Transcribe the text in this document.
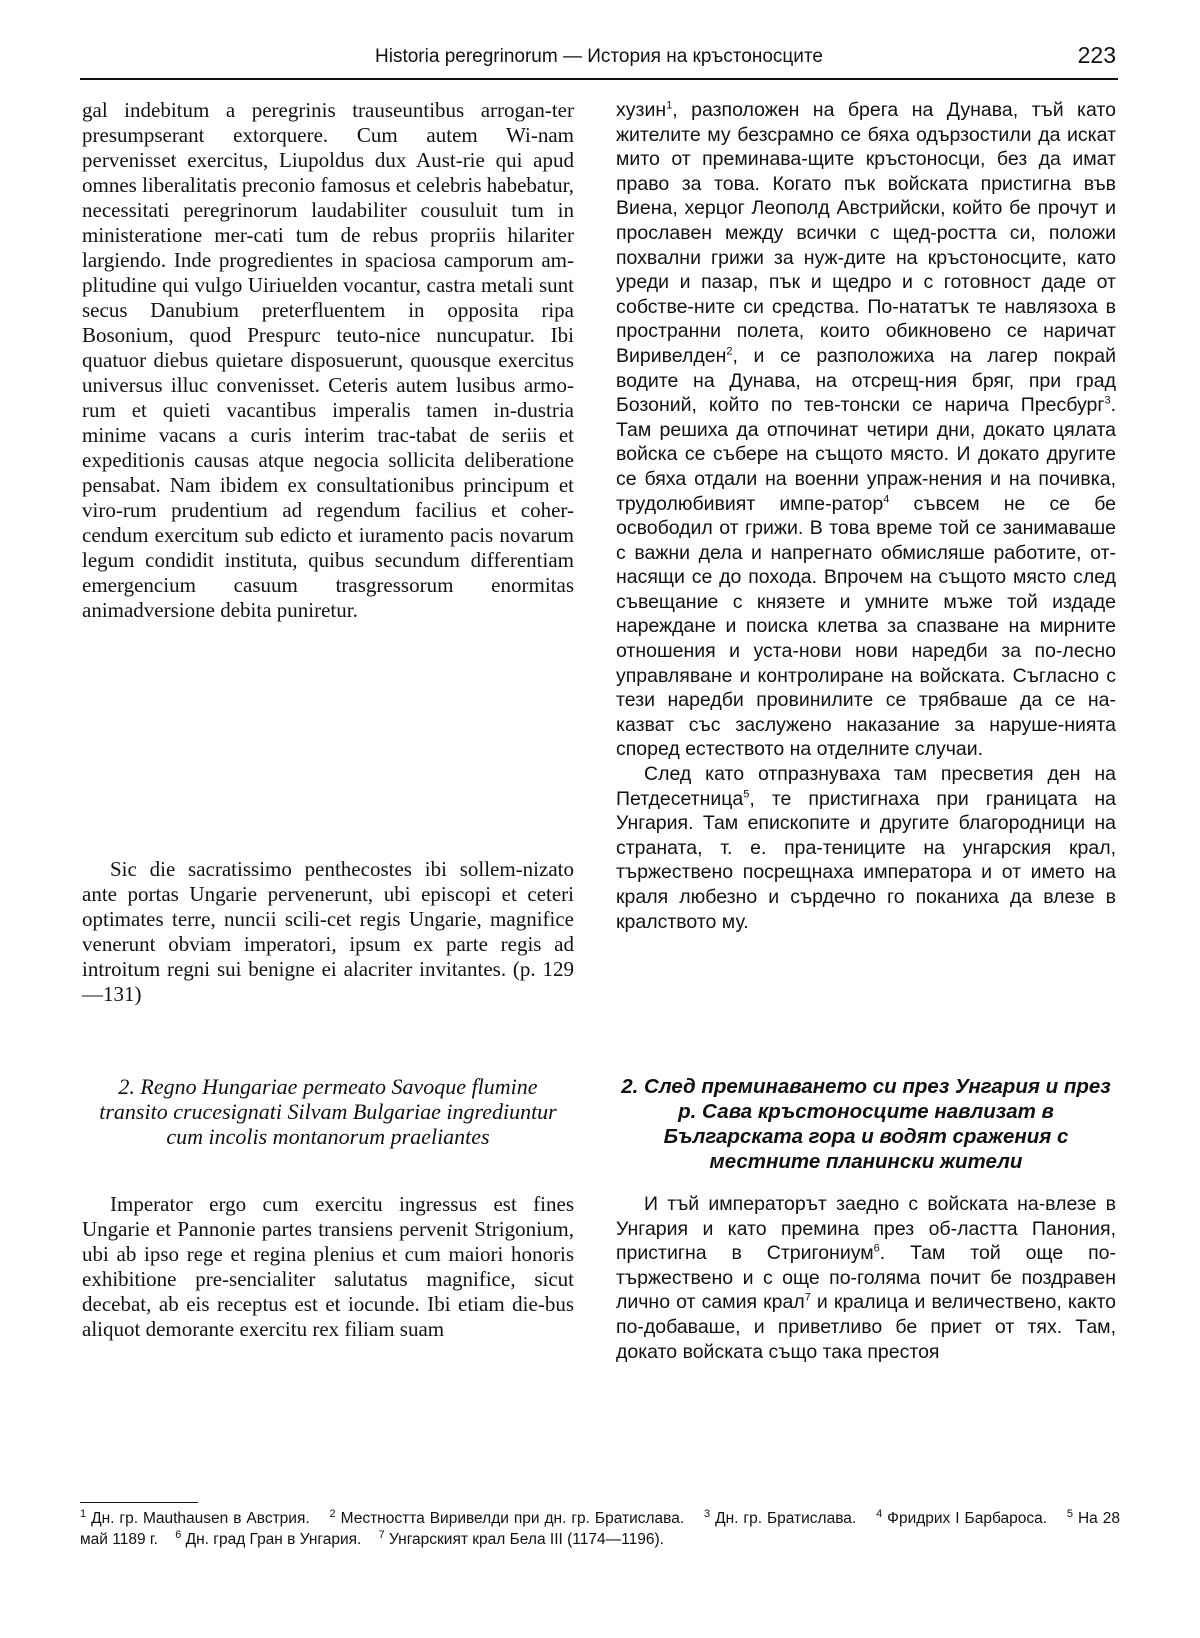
Historia peregrinorum — История на кръстоносците	223

gal indebitum a peregrinis trauseuntibus arrogan-ter presumpserant extorquere. Cum autem Wi-nam pervenisset exercitus, Liupoldus dux Aust-rie qui apud omnes liberalitatis preconio famosus et celebris habebatur, necessitati peregrinorum laudabiliter cousuluit tum in ministeratione mer-cati tum de rebus propriis hilariter largiendo. Inde progredientes in spaciosa camporum am-plitudine qui vulgo Uiriuelden vocantur, castra metali sunt secus Danubium preterfluentem in opposita ripa Bosonium, quod Prespurc teuto-nice nuncupatur. Ibi quatuor diebus quietare disposuerunt, quousque exercitus universus illuc convenisset. Ceteris autem lusibus armo-rum et quieti vacantibus imperalis tamen in-dustria minime vacans a curis interim trac-tabat de seriis et expeditionis causas atque negocia sollicita deliberatione pensabat. Nam ibidem ex consultationibus principum et viro-rum prudentium ad regendum facilius et coher-cendum exercitum sub edicto et iuramento pacis novarum legum condidit instituta, quibus secundum differentiam emergencium casuum trasgressorum enormitas animadversione debita puniretur.

Sic die sacratissimo penthecostes ibi sollem-nizato ante portas Ungarie pervenerunt, ubi episcopi et ceteri optimates terre, nuncii scili-cet regis Ungarie, magnifice venerunt obviam imperatori, ipsum ex parte regis ad introitum regni sui benigne ei alacriter invitantes. (p. 129—131)

хузин$^1$, разположен на брега на Дунава, тъй като жителите му безсрамно се бяха одързостили да искат мито от преминава-щите кръстоносци, без да имат право за това. Когато пък войската пристигна във Виена, херцог Леополд Австрийски, който бе прочут и прославен между всички с щед-ростта си, положи похвални грижи за нуж-дите на кръстоносците, като уреди и пазар, пък и щедро и с готовност даде от собстве-ните си средства. По-нататък те навлязоха в пространни полета, които обикновено се наричат Виривелден$^2$, и се разположиха на лагер покрай водите на Дунава, на отсрещ-ния бряг, при град Бозоний, който по тев-тонски се нарича Пресбург$^3$. Там решиха да отпочинат четири дни, докато цялата войска се събере на същото място. И докато другите се бяха отдали на военни упраж-нения и на почивка, трудолюбивият импе-ратор$^4$ съвсем не се бе освободил от грижи. В това време той се занимаваше с важни дела и напрегнато обмисляше работите, от-насящи се до похода. Впрочем на същото място след съвещание с князете и умните мъже той издаде нареждане и поиска клетва за спазване на мирните отношения и уста-нови нови наредби за по-лесно управляване и контролиране на войската. Съгласно с тези наредби провинилите се трябваше да се на-казват със заслужено наказание за наруше-нията според естеството на отделните случаи.

След като отпразнуваха там пресветия ден на Петдесетница$^5$, те пристигнаха при границата на Унгария. Там епископите и другите благородници на страната, т. е. пра-тениците на унгарския крал, тържествено посрещнаха императора и от името на краля любезно и сърдечно го поканиха да влезе в кралството му.

2. Regno Hungariae permeato Savoque flumine transito crucesignati Silvam Bulgariae ingrediuntur cum incolis montanorum praeliantes

2. След преминаването си през Унгария и през р. Сава кръстоносците навлизат в Българската гора и водят сражения с местните планински жители

Imperator ergo cum exercitu ingressus est fines Ungarie et Pannonie partes transiens pervenit Strigonium, ubi ab ipso rege et regina plenius et cum maiori honoris exhibitione pre-sencialiter salutatus magnifice, sicut decebat, ab eis receptus est et iocunde. Ibi etiam die-bus aliquot demorante exercitu rex filiam suam

И тъй императорът заедно с войската на-влезе в Унгария и като премина през об-ластта Панония, пристигна в Стригониум$^6$. Там той още по-тържествено и с още по-голяма почит бе поздравен лично от самия крал$^7$ и кралица и величествено, както по-добаваше, и приветливо бе приет от тях. Там, докато войската също така престоя

$^1$ Дн. гр. Mauthausen в Австрия. $^2$ Местността Виривелди при дн. гр. Братислава. $^3$ Дн. гр. Братислава. $^4$ Фридрих I Барбароса. $^5$ На 28 май 1189 г. $^6$ Дн. град Гран в Унгария. $^7$ Унгарският крал Бела III (1174—1196).
